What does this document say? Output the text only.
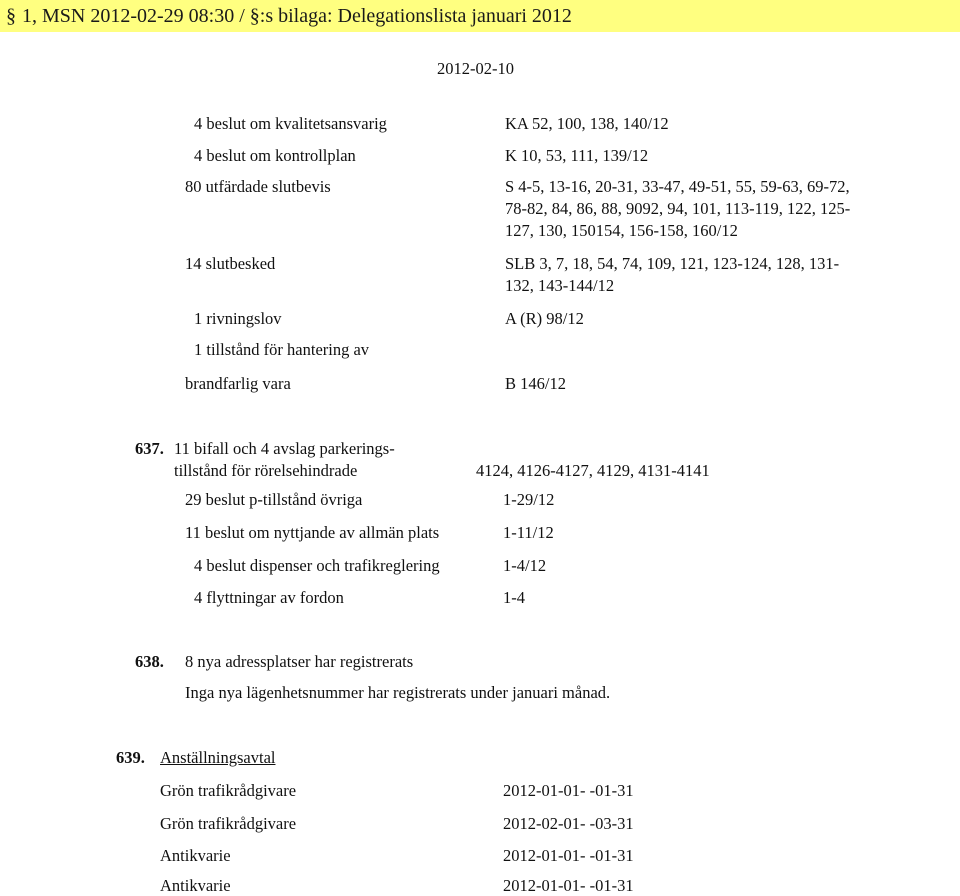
§ 1, MSN 2012-02-29 08:30 / §:s bilaga: Delegationslista januari 2012
2012-02-10
4 beslut om kvalitetsansvarig	KA 52, 100, 138, 140/12
4 beslut om kontrollplan	K 10, 53, 111, 139/12
80 utfärdade slutbevis	S 4-5, 13-16, 20-31, 33-47, 49-51, 55, 59-63, 69-72,
78-82, 84, 86, 88, 9092, 94, 101, 113-119, 122, 125-
127, 130, 150154, 156-158, 160/12
14 slutbesked	SLB 3, 7, 18, 54, 74, 109, 121, 123-124, 128, 131-
132, 143-144/12
1 rivningslov	A (R) 98/12
1 tillstånd för hantering av
brandfarlig vara	B 146/12
637. 11 bifall och 4 avslag parkerings-
tillstånd för rörelsehindrade	4124, 4126-4127, 4129, 4131-4141
29 beslut p-tillstånd övriga	1-29/12
11 beslut om nyttjande av allmän plats	1-11/12
4 beslut dispenser och trafikreglering	1-4/12
4 flyttningar av fordon	1-4
638. 8 nya adressplatser har registrerats
Inga nya lägenhetsnummer har registrerats under januari månad.
639. Anställningsavtal
Grön trafikrådgivare	2012-01-01- -01-31
Grön trafikrådgivare	2012-02-01- -03-31
Antikvarie	2012-01-01- -01-31
Antikvarie	2012-01-01- -01-31
